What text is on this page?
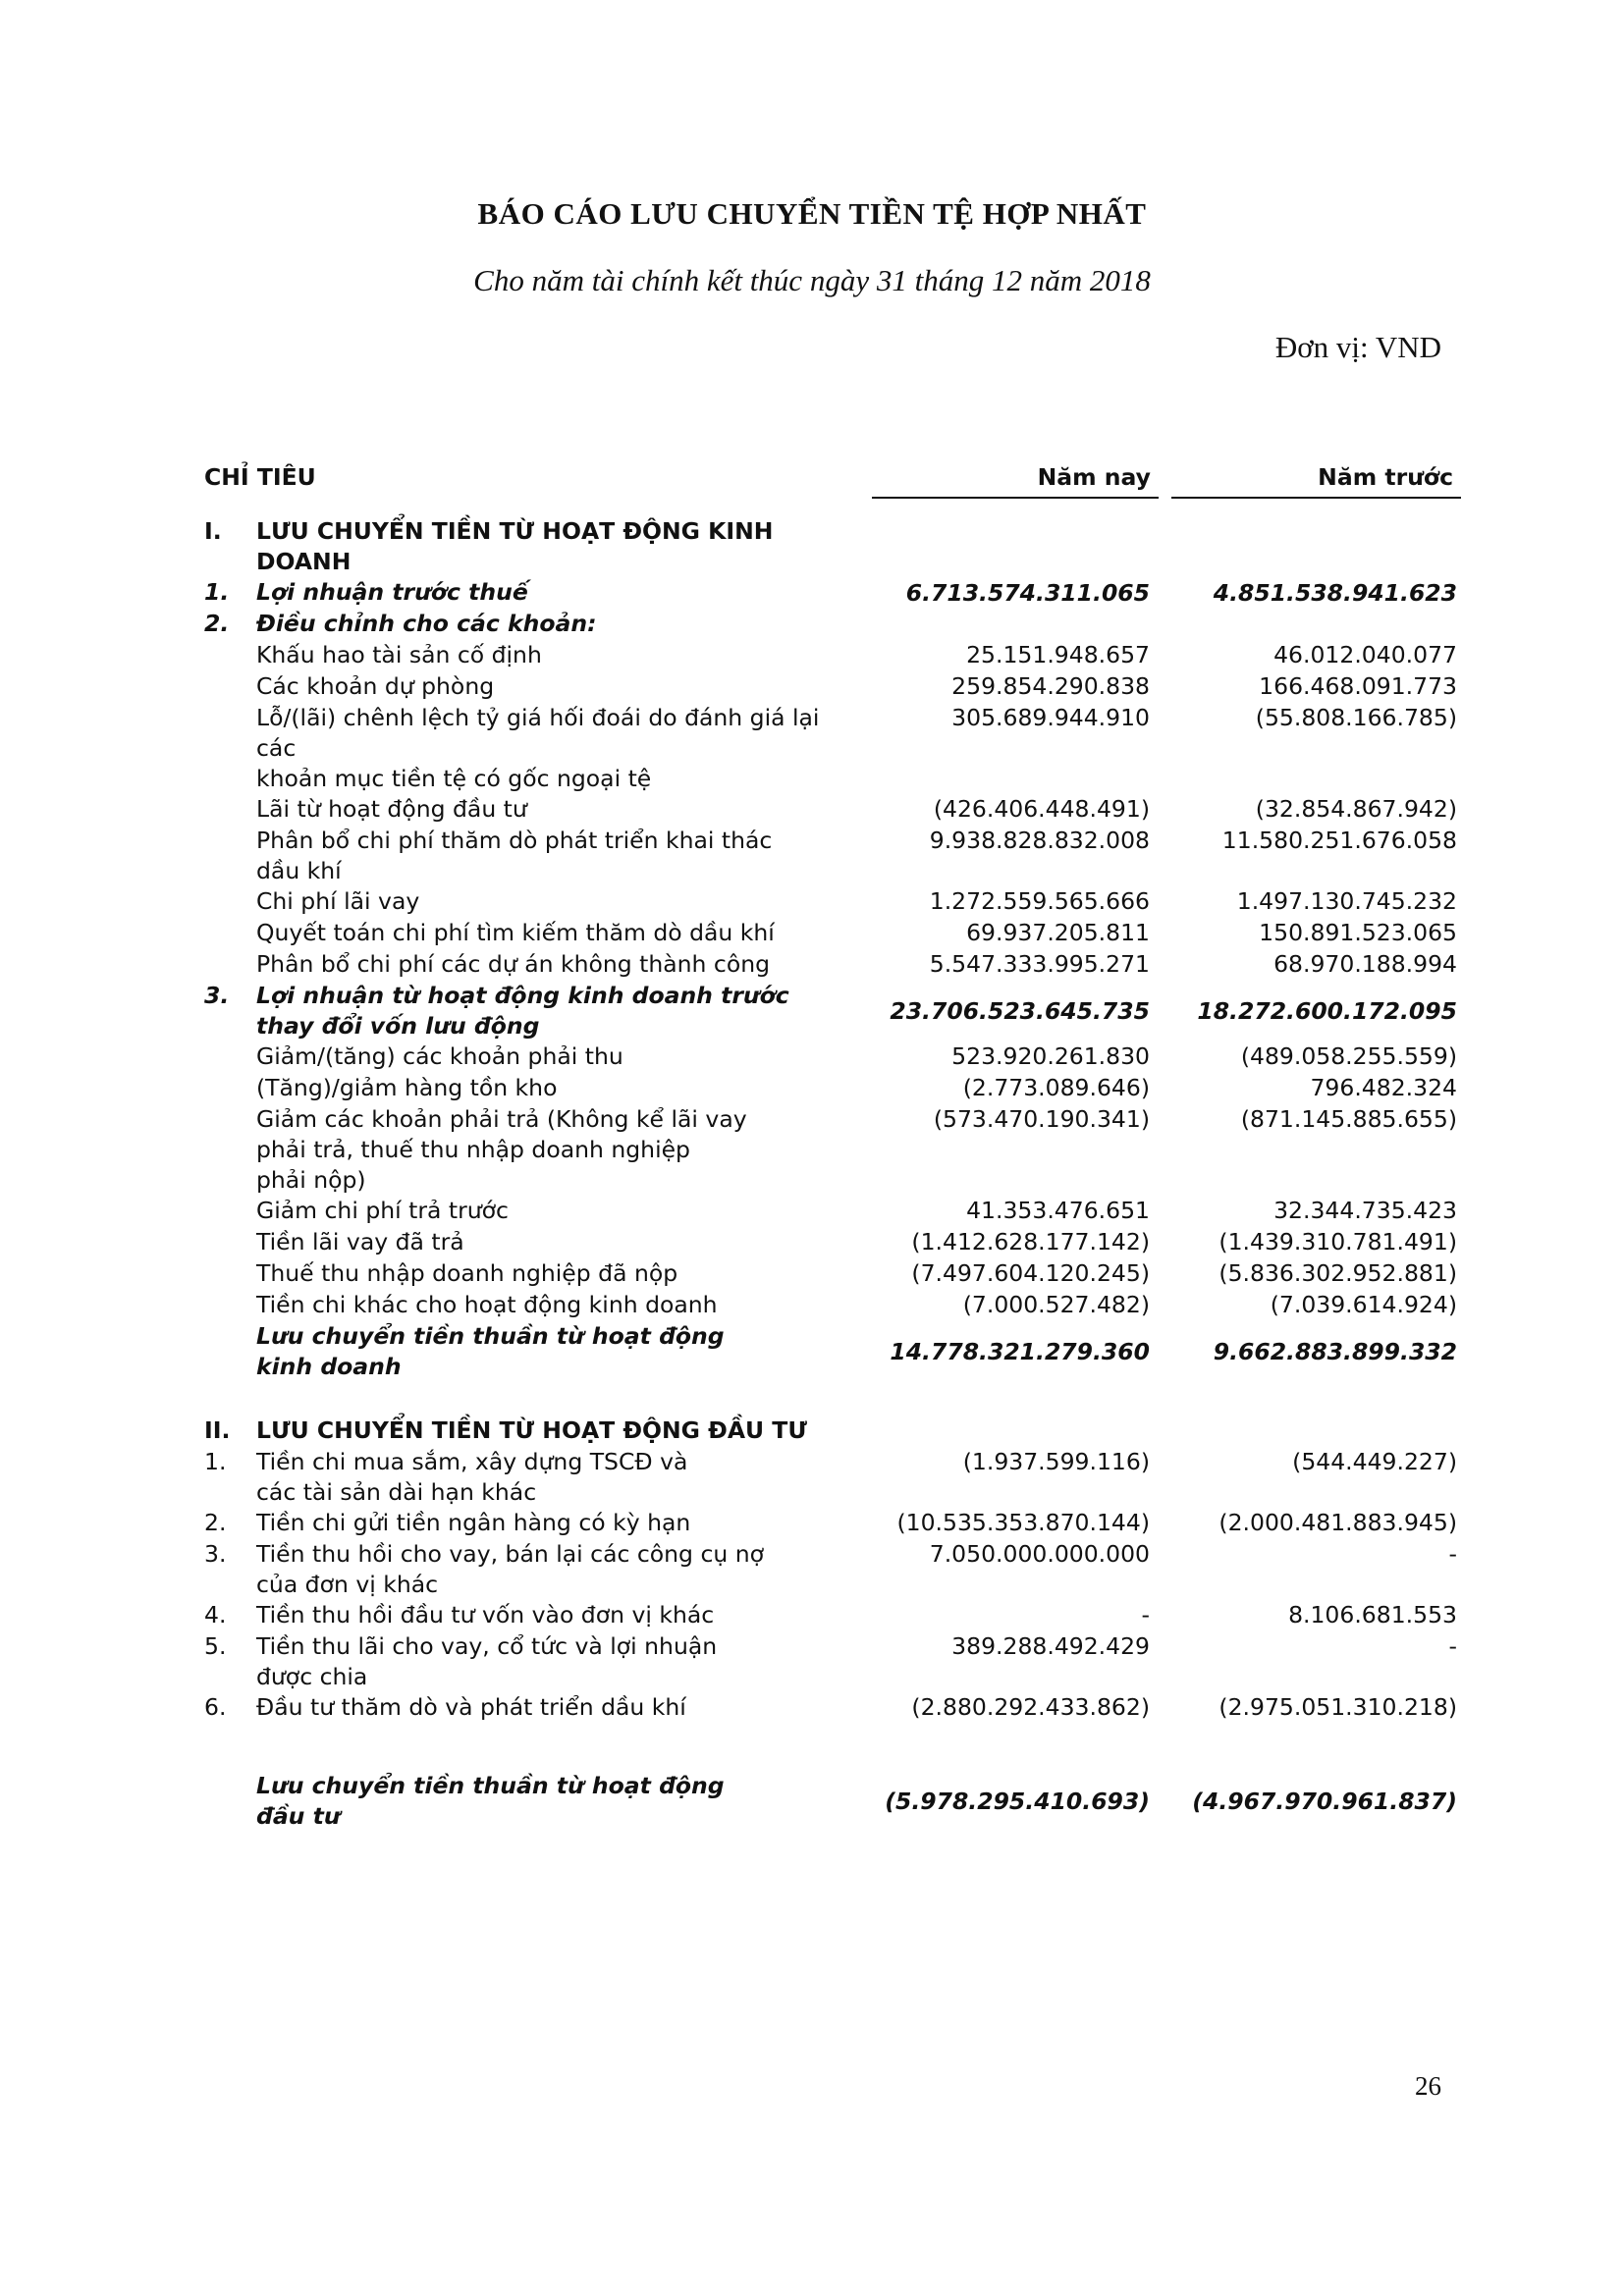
BÁO CÁO LƯU CHUYỂN TIỀN TỆ HỢP NHẤT
Cho năm tài chính kết thúc ngày 31 tháng 12 năm 2018
Đơn vị: VND
CHỈ TIÊU	Năm nay	Năm trước
I.	LƯU CHUYỂN TIỀN TỪ HOẠT ĐỘNG KINH DOANH
1.	Lợi nhuận trước thuế	6.713.574.311.065	4.851.538.941.623
2.	Điều chỉnh cho các khoản:
Khấu hao tài sản cố định	25.151.948.657	46.012.040.077
Các khoản dự phòng	259.854.290.838	166.468.091.773
Lỗ/(lãi) chênh lệch tỷ giá hối đoái do đánh giá lại các
khoản mục tiền tệ có gốc ngoại tệ
305.689.944.910	(55.808.166.785)
Lãi từ hoạt động đầu tư	(426.406.448.491)	(32.854.867.942)
Phân bổ chi phí thăm dò phát triển khai thác
dầu khí
9.938.828.832.008	11.580.251.676.058
Chi phí lãi vay	1.272.559.565.666	1.497.130.745.232
Quyết toán chi phí tìm kiếm thăm dò dầu khí	69.937.205.811	150.891.523.065
Phân bổ chi phí các dự án không thành công	5.547.333.995.271	68.970.188.994
3.	Lợi nhuận từ hoạt động kinh doanh trước
thay đổi vốn lưu động
23.706.523.645.735	18.272.600.172.095
Giảm/(tăng) các khoản phải thu	523.920.261.830	(489.058.255.559)
(Tăng)/giảm hàng tồn kho	(2.773.089.646)	796.482.324
Giảm các khoản phải trả (Không kể lãi vay
phải trả, thuế thu nhập doanh nghiệp
phải nộp)
(573.470.190.341)	(871.145.885.655)
Giảm chi phí trả trước	41.353.476.651	32.344.735.423
Tiền lãi vay đã trả	(1.412.628.177.142)	(1.439.310.781.491)
Thuế thu nhập doanh nghiệp đã nộp	(7.497.604.120.245)	(5.836.302.952.881)
Tiền chi khác cho hoạt động kinh doanh	(7.000.527.482)	(7.039.614.924)
Lưu chuyển tiền thuần từ hoạt động
kinh doanh
14.778.321.279.360	9.662.883.899.332
II.	LƯU CHUYỂN TIỀN TỪ HOẠT ĐỘNG ĐẦU TƯ
1.	Tiền chi mua sắm, xây dựng TSCĐ và
các tài sản dài hạn khác
(1.937.599.116)	(544.449.227)
2.	Tiền chi gửi tiền ngân hàng có kỳ hạn	(10.535.353.870.144)	(2.000.481.883.945)
3.	Tiền thu hồi cho vay, bán lại các công cụ nợ
của đơn vị khác
7.050.000.000.000	-
4.	Tiền thu hồi đầu tư vốn vào đơn vị khác	-	8.106.681.553
5.	Tiền thu lãi cho vay, cổ tức và lợi nhuận
được chia
389.288.492.429	-
6.	Đầu tư thăm dò và phát triển dầu khí	(2.880.292.433.862)	(2.975.051.310.218)
Lưu chuyển tiền thuần từ hoạt động
đầu tư
(5.978.295.410.693)	(4.967.970.961.837)
26
